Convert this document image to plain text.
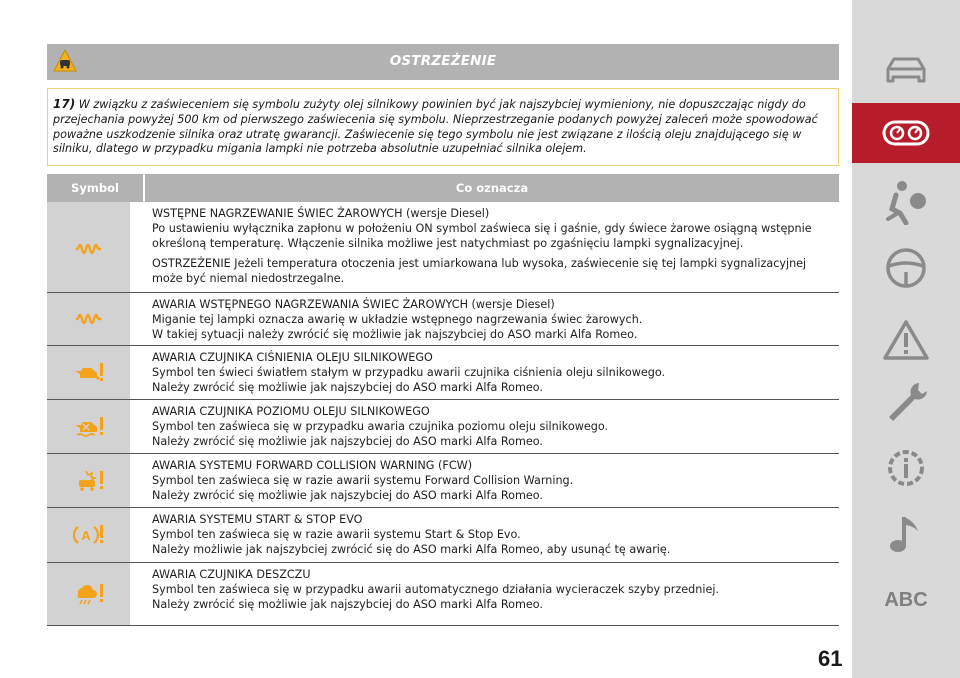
OSTRZEŻENIE
17) W związku z zaświeceniem się symbolu zużyty olej silnikowy powinien być jak najszybciej wymieniony, nie dopuszczając nigdy do przejechania powyżej 500 km od pierwszego zaświecenia się symbolu. Nieprzestrzeganie podanych powyżej zaleceń może spowodować poważne uszkodzenie silnika oraz utratę gwarancji. Zaświecenie się tego symbolu nie jest związane z ilością oleju znajdującego się w silniku, dlatego w przypadku migania lampki nie potrzeba absolutnie uzupełniać silnika olejem.
Symbol	Co oznacza

WSTĘPNE NAGRZEWANIE ŚWIEC ŻAROWYCH (wersje Diesel)

Po ustawieniu wyłącznika zapłonu w położeniu ON symbol zaświeca się i gaśnie, gdy świece żarowe osiągną wstępnie określoną temperaturę. Włączenie silnika możliwe jest natychmiast po zgaśnięciu lampki sygnalizacyjnej.

OSTRZEŻENIE Jeżeli temperatura otoczenia jest umiarkowana lub wysoka, zaświecenie się tej lampki sygnalizacyjnej może być niemal niedostrzegalne.

AWARIA WSTĘPNEGO NAGRZEWANIA ŚWIEC ŻAROWYCH (wersje Diesel)

Miganie tej lampki oznacza awarię w układzie wstępnego nagrzewania świec żarowych.

W takiej sytuacji należy zwrócić się możliwie jak najszybciej do ASO marki Alfa Romeo.

AWARIA CZUJNIKA CIŚNIENIA OLEJU SILNIKOWEGO

Symbol ten świeci światłem stałym w przypadku awarii czujnika ciśnienia oleju silnikowego.

Należy zwrócić się możliwie jak najszybciej do ASO marki Alfa Romeo.

AWARIA CZUJNIKA POZIOMU OLEJU SILNIKOWEGO

Symbol ten zaświeca się w przypadku awaria czujnika poziomu oleju silnikowego.

Należy zwrócić się możliwie jak najszybciej do ASO marki Alfa Romeo.

AWARIA SYSTEMU FORWARD COLLISION WARNING (FCW)

Symbol ten zaświeca się w razie awarii systemu Forward Collision Warning.

Należy zwrócić się możliwie jak najszybciej do ASO marki Alfa Romeo.

A

AWARIA SYSTEMU START & STOP EVO

Symbol ten zaświeca się w razie awarii systemu Start & Stop Evo.

Należy możliwie jak najszybciej zwrócić się do ASO marki Alfa Romeo, aby usunąć tę awarię.

AWARIA CZUJNIKA DESZCZU

Symbol ten zaświeca się w przypadku awarii automatycznego działania wycieraczek szyby przedniej.

Należy zwrócić się możliwie jak najszybciej do ASO marki Alfa Romeo.	ABC
61
